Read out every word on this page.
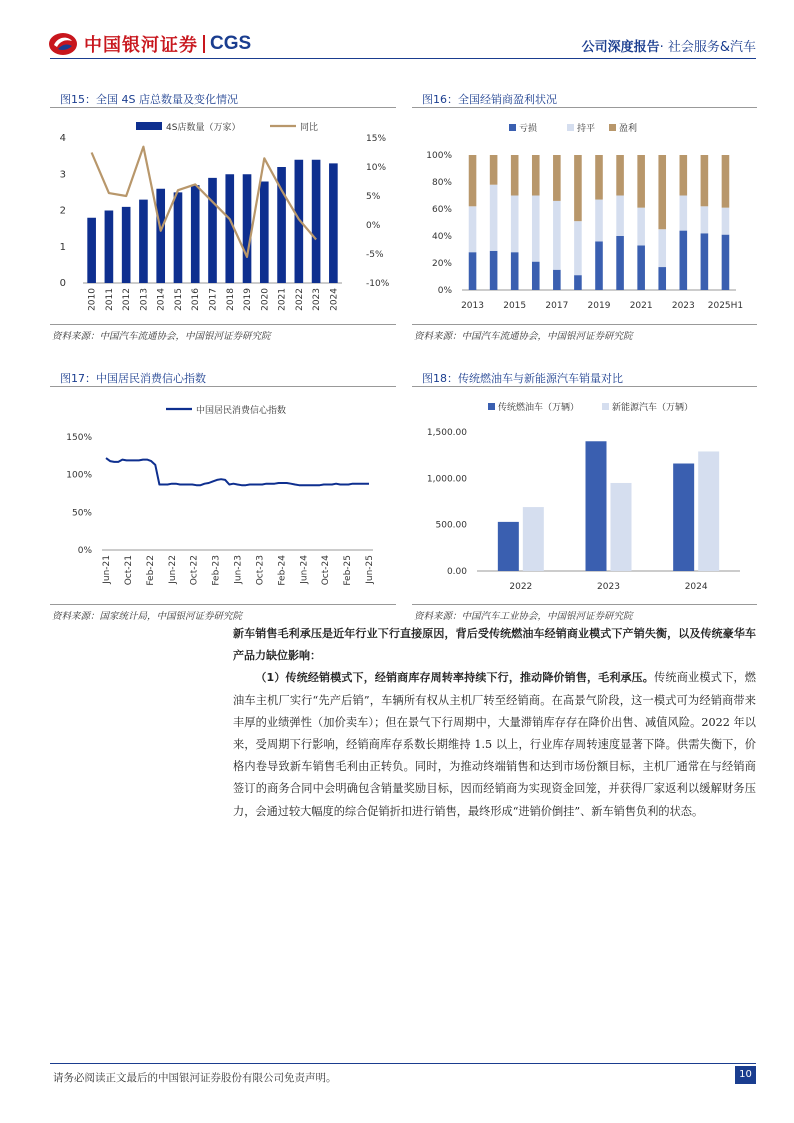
中国银河证券 CGS	公司深度报告· 社会服务&汽车
图15：全国 4S 店总数量及变化情况	图16：全国经销商盈利状况
0
1
2
3
4
-10%
-5%
0%
5%
10%
15%
2010 2011 2012 2013 2014 2015 2016 2017 2018 2019 2020 2021 2022 2023 2024
4S店数量（万家）	同比
0%
20%
40%
60%
80%
100%
2013 2015 2017 2019 2021 2023 2025H1
亏损	持平	盈利
资料来源：中国汽车流通协会，中国银河证券研究院	资料来源：中国汽车流通协会，中国银河证券研究院
图17：中国居民消费信心指数	图18：传统燃油车与新能源汽车销量对比
0%
50%
100%
150%
Jun-21 Oct-21 Feb-22 Jun-22 Oct-22 Feb-23 Jun-23 Oct-23 Feb-24 Jun-24 Oct-24 Feb-25 Jun-25
中国居民消费信心指数
0.00
500.00
1,000.00
1,500.00
2022	2023	2024
传统燃油车（万辆）	新能源汽车（万辆）
资料来源：国家统计局，中国银河证券研究院	资料来源：中国汽车工业协会，中国银河证券研究院

新车销售毛利承压是近年行业下行直接原因，背后受传统燃油车经销商业模式下产销失衡，以及传统豪华车产品力缺位影响：

（1）传统经销模式下，经销商库存周转率持续下行，推动降价销售，毛利承压。传统商业模式下，燃油车主机厂实行“先产后销”，车辆所有权从主机厂转至经销商。在高景气阶段，这一模式可为经销商带来丰厚的业绩弹性（加价卖车）；但在景气下行周期中，大量滞销库存存在降价出售、减值风险。2022 年以来，受周期下行影响，经销商库存系数长期维持 1.5 以上，行业库存周转速度显著下降。供需失衡下，价格内卷导致新车销售毛利由正转负。同时，为推动终端销售和达到市场份额目标，主机厂通常在与经销商签订的商务合同中会明确包含销量奖励目标，因而经销商为实现资金回笼，并获得厂家返利以缓解财务压力，会通过较大幅度的综合促销折扣进行销售，最终形成“进销价倒挂”、新车销售负利的状态。

请务必阅读正文最后的中国银河证券股份有限公司免责声明。	10
